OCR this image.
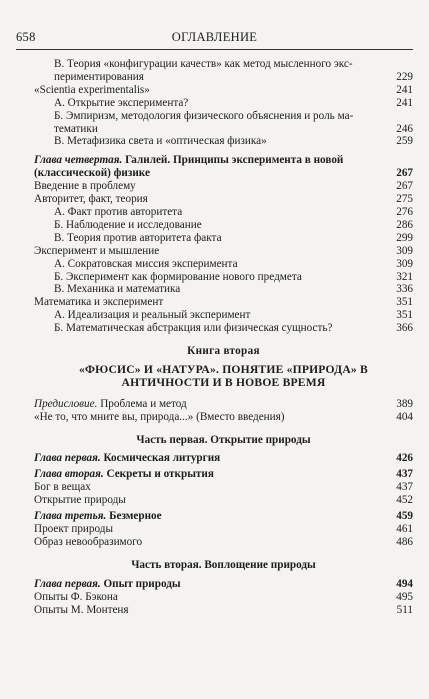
658	ОГЛАВЛЕНИЕ
В. Теория «конфигурации качеств» как метод мысленного экспериментирования	229
«Scientia experimentalis»	241
А. Открытие эксперимента?	241
Б. Эмпиризм, методология физического объяснения и роль математики	246
В. Метафизика света и «оптическая физика»	259
Глава четвертая. Галилей. Принципы эксперимента в новой (классической) физике	267
Введение в проблему	267
Авторитет, факт, теория	275
А. Факт против авторитета	276
Б. Наблюдение и исследование	286
В. Теория против авторитета факта	299
Эксперимент и мышление	309
А. Сократовская миссия эксперимента	309
Б. Эксперимент как формирование нового предмета	321
В. Механика и математика	336
Математика и эксперимент	351
А. Идеализация и реальный эксперимент	351
Б. Математическая абстракция или физическая сущность?	366
Книга вторая
«ФЮСИС» И «НАТУРА». ПОНЯТИЕ «ПРИРОДА» В АНТИЧНОСТИ И В НОВОЕ ВРЕМЯ
Предисловие. Проблема и метод	389
«Не то, что мните вы, природа...» (Вместо введения)	404
Часть первая. Открытие природы
Глава первая. Космическая литургия	426
Глава вторая. Секреты и открытия	437
Бог в вещах	437
Открытие природы	452
Глава третья. Безмерное	459
Проект природы	461
Образ невообразимого	486
Часть вторая. Воплощение природы
Глава первая. Опыт природы	494
Опыты Ф. Бэкона	495
Опыты М. Монтеня	511
